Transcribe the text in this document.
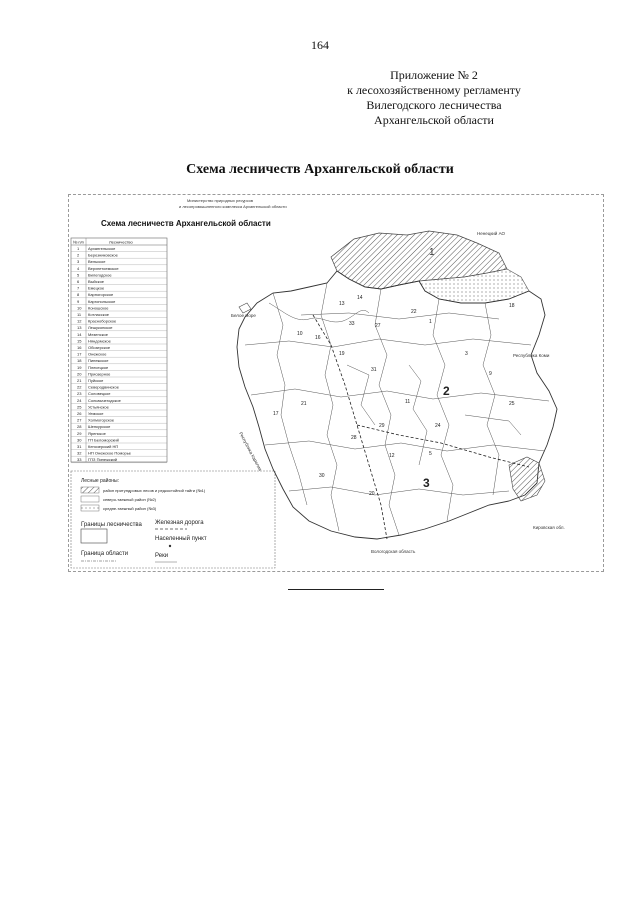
164
Приложение № 2
к лесохозяйственному регламенту
Вилегодского лесничества
Архангельской области
Схема лесничеств Архангельской области
Министерство природных ресурсов
и лесопромышленного комплекса Архангельской области
Схема лесничеств Архангельской области
№ п/п	Лесничество
1 Архангельское
2 Березниковское
3 Вельское
4 Верхнетоемское
5 Вилегодское
6 Выйское
7 Емецкое
8 Карпогорское
9 Каргопольское
10 Коношское
11 Котласское
12 Красноборское
13 Лешуконское
14 Мезенское
15 Няндомское
16 Обозерское
17 Онежское
18 Пинежское
19 Плесецкое
20 Приозерное
21 Пуйское
22 Северодвинское
23 Соловецкое
24 Сольвычегодское
25 Устьянское
26 Уемское
27 Холмогорское
28 Шенкурское
29 Яренское
30 ГП Беломорский
31 Кенозерский НП
32 НП Онежское Поморье
33 ГПЗ Пинежский
Лесные районы:
район притундровых лесов и редкостойной тайги (№1)
северо-таежный район (№2)
средне-таежный район (№3)
Границы лесничества
Граница области
Железная дорога
Населенный пункт
Реки
2
1
3
13
14
18
27
22
1
33
10
16
19
31
28
12
29	24
5
3
9
25
30
17
21
20
11
Ненецкий АО
Республика Коми
Кировская обл.
Вологодская область
Белое море
Республика Карелия
